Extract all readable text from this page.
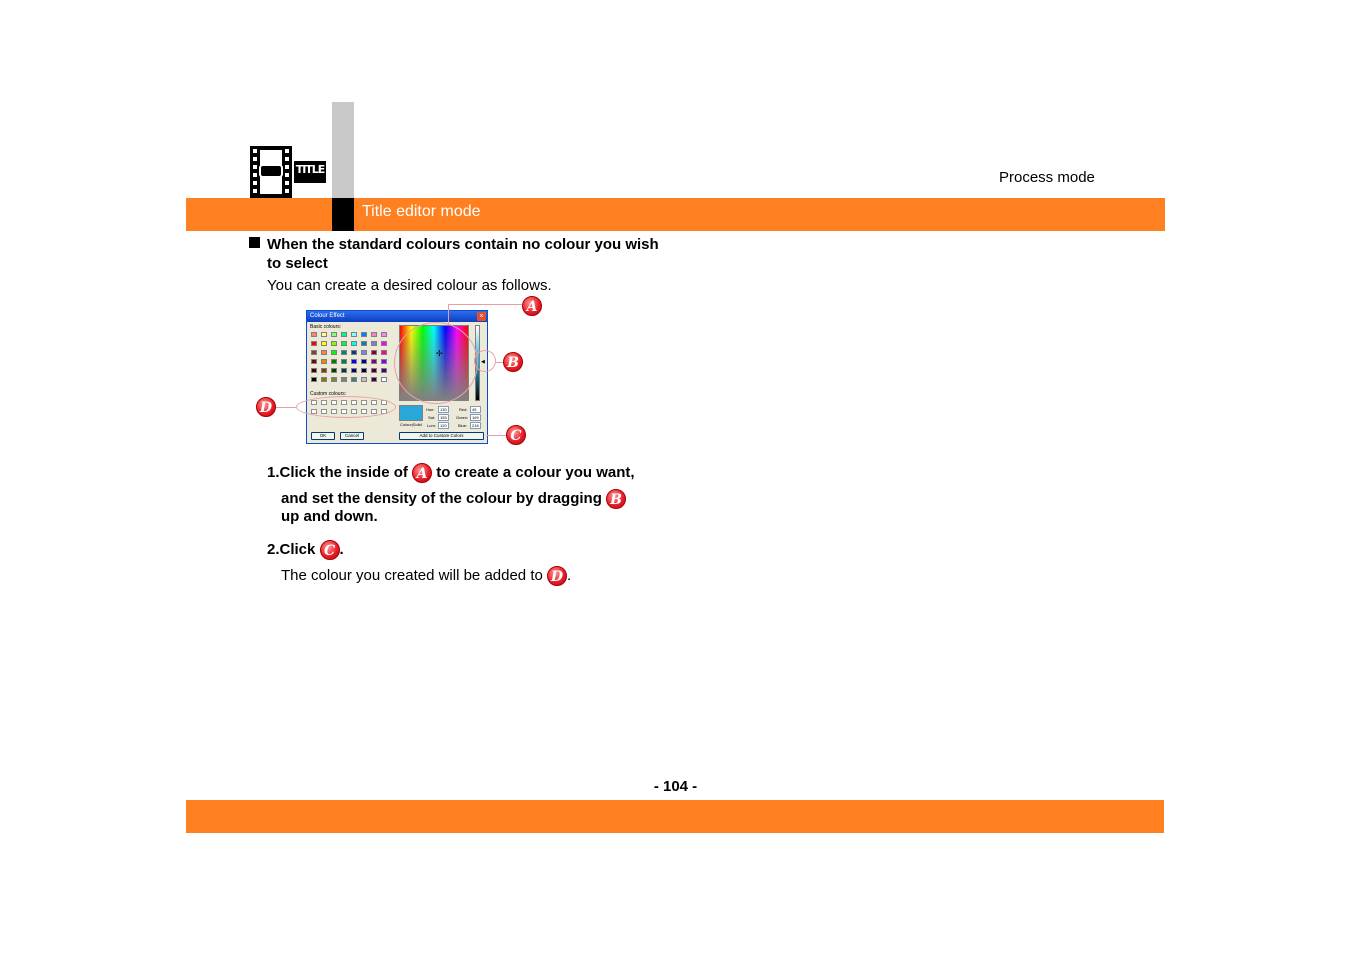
TITLE	Process mode
Title editor mode
When the standard colours contain no colour you wish to select
You can create a desired colour as follows.
Colour Effect	×
Basic colours:
Custom colours:
✢
◀
Colour|Solid
Hue:	130
Sat:	155
Lum:	120
Red:	45
Green: 169
Blue:	216
OK	Cancel	Add to Custom Colors
A
B
C
D
1.Click the inside of A to create a colour you want,
and set the density of the colour by dragging B
up and down.
2.Click C .
The colour you created will be added to D .
- 104 -
